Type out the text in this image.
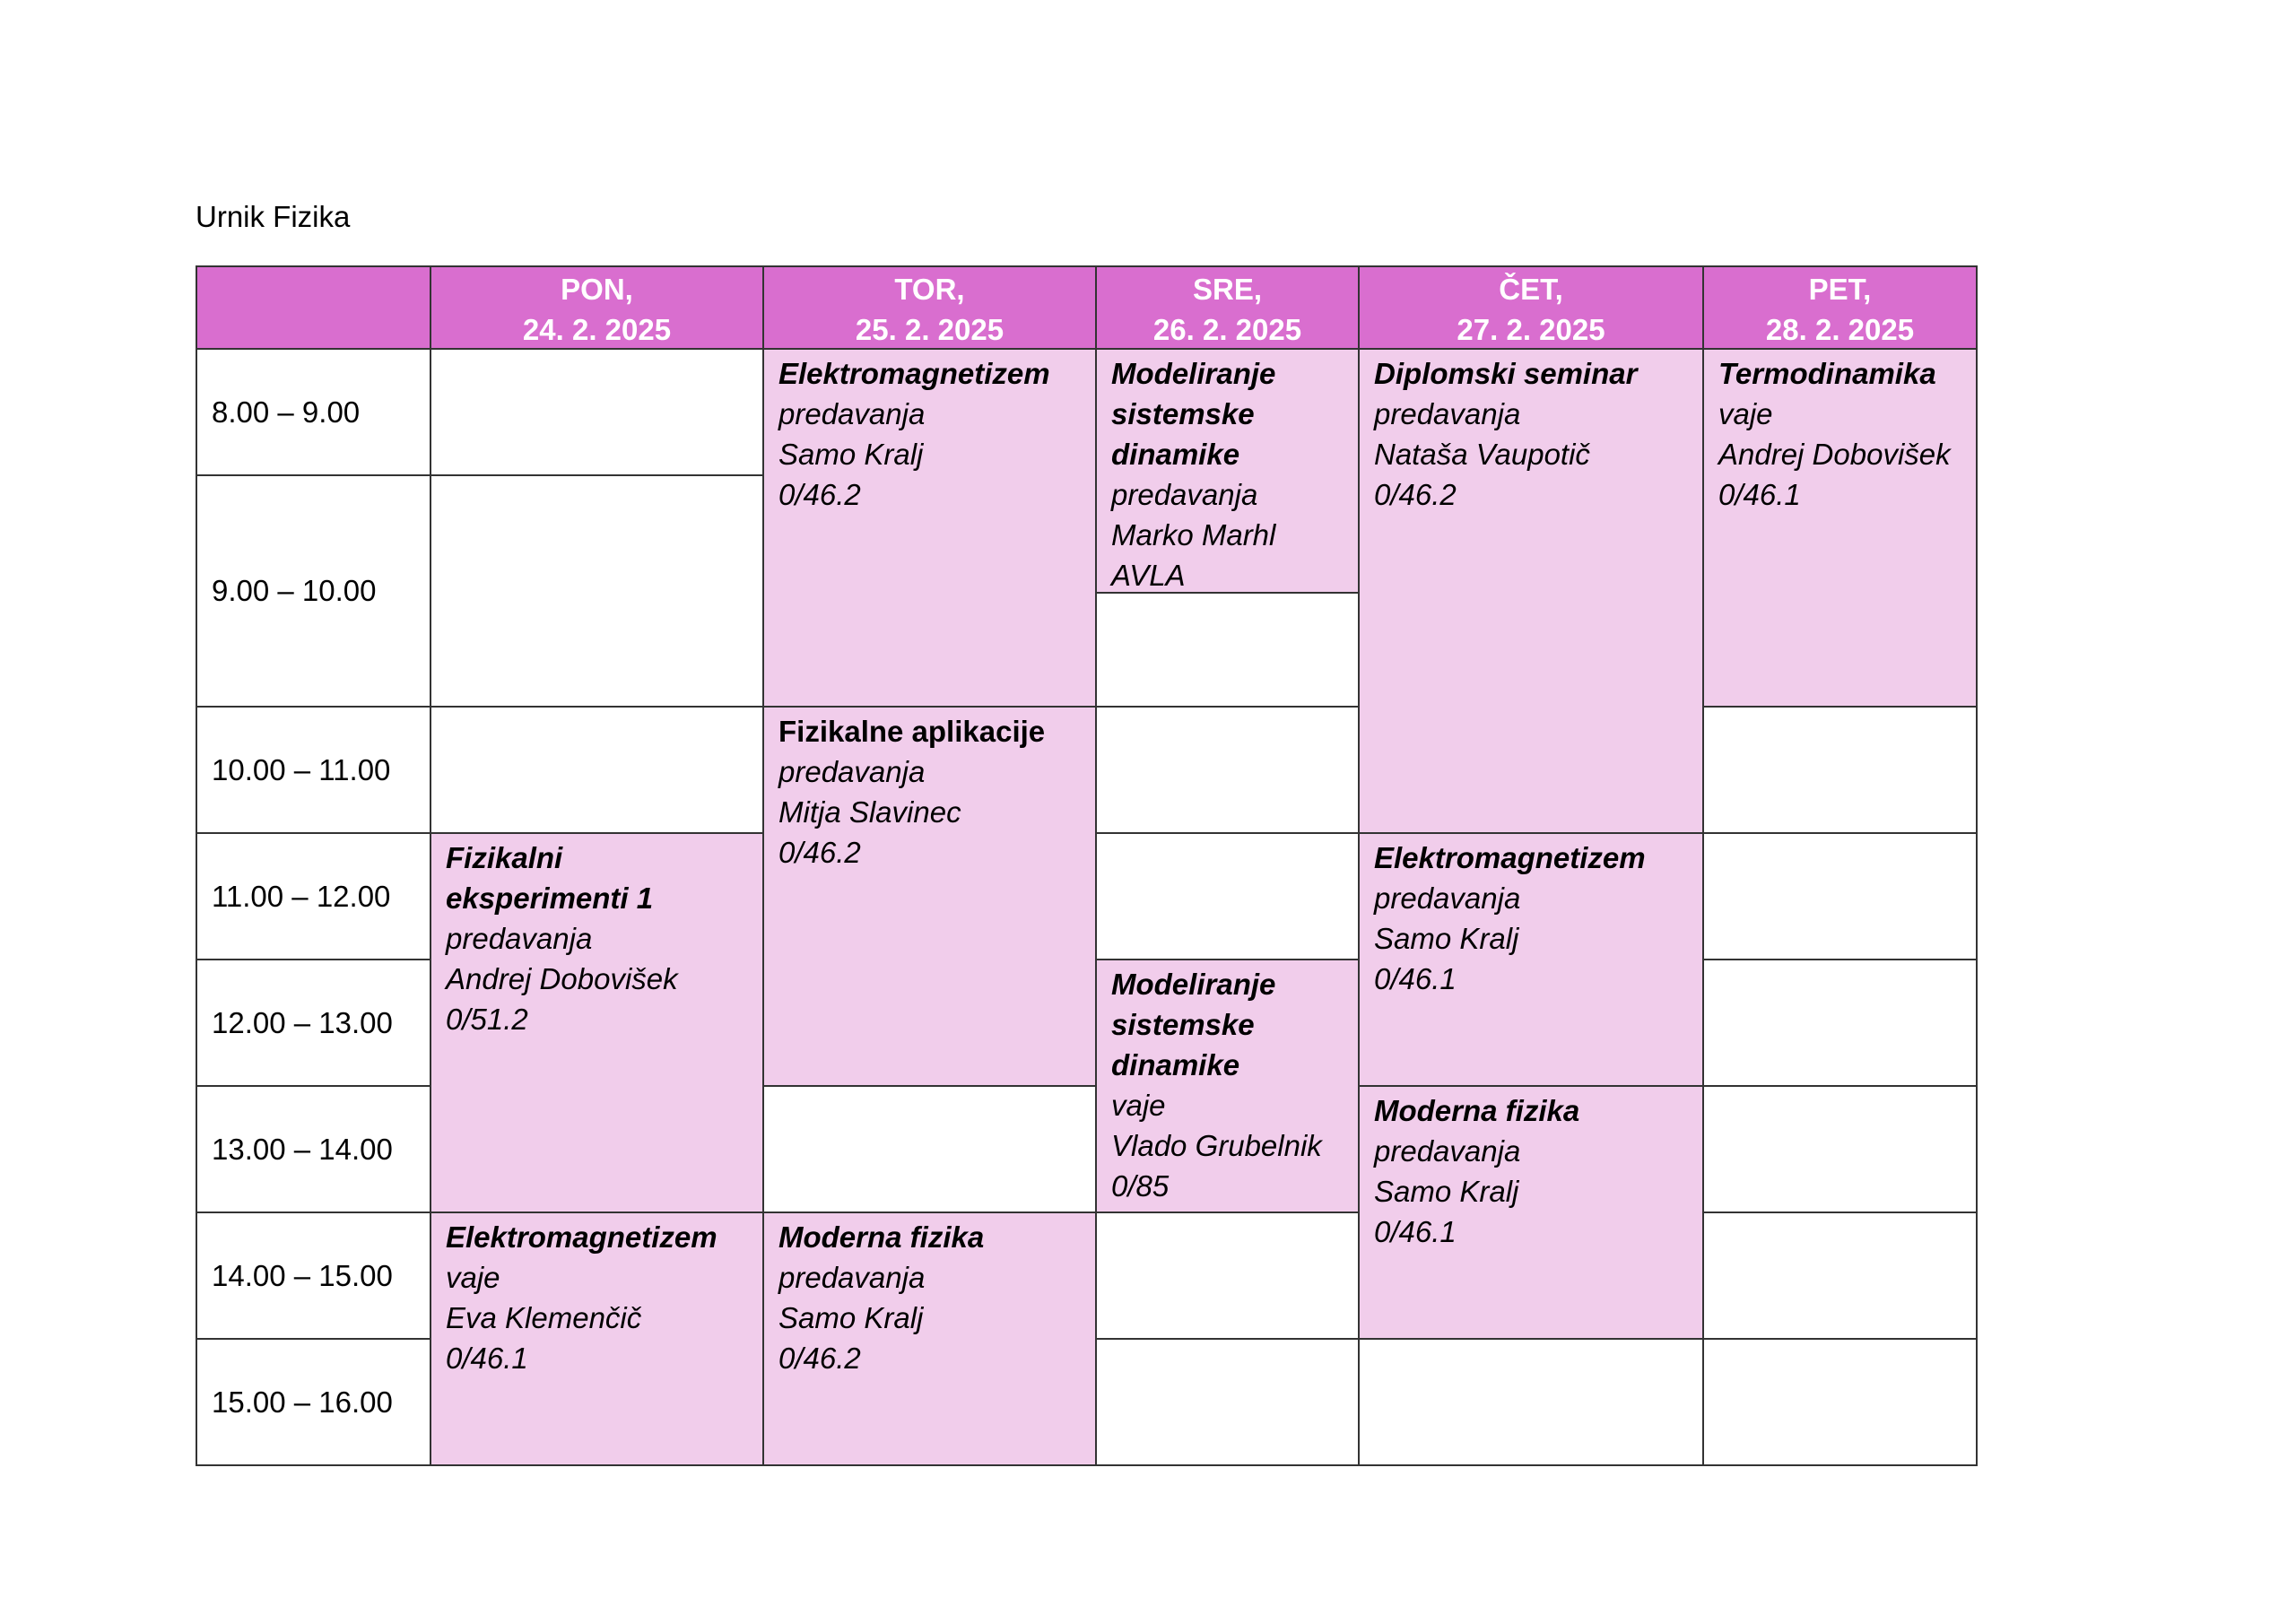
Urnik Fizika
PON,
24. 2. 2025
TOR,
25. 2. 2025
SRE,
26. 2. 2025
ČET,
27. 2. 2025
PET,
28. 2. 2025
8.00 – 9.00
9.00 – 10.00
10.00 – 11.00
11.00 – 12.00
12.00 – 13.00
13.00 – 14.00
14.00 – 15.00
15.00 – 16.00
Fizikalni eksperimenti 1
predavanja
Andrej Dobovišek
0/51.2
Elektromagnetizem
vaje
Eva Klemenčič
0/46.1
Elektromagnetizem
predavanja
Samo Kralj
0/46.2
Fizikalne aplikacije
predavanja
Mitja Slavinec
0/46.2
Moderna fizika
predavanja
Samo Kralj
0/46.2
Modeliranje sistemske dinamike
predavanja
Marko Marhl
AVLA
Modeliranje sistemske dinamike
vaje
Vlado Grubelnik
0/85
Diplomski seminar
predavanja
Nataša Vaupotič
0/46.2
Elektromagnetizem
predavanja
Samo Kralj
0/46.1
Moderna fizika
predavanja
Samo Kralj
0/46.1
Termodinamika
vaje
Andrej Dobovišek
0/46.1
